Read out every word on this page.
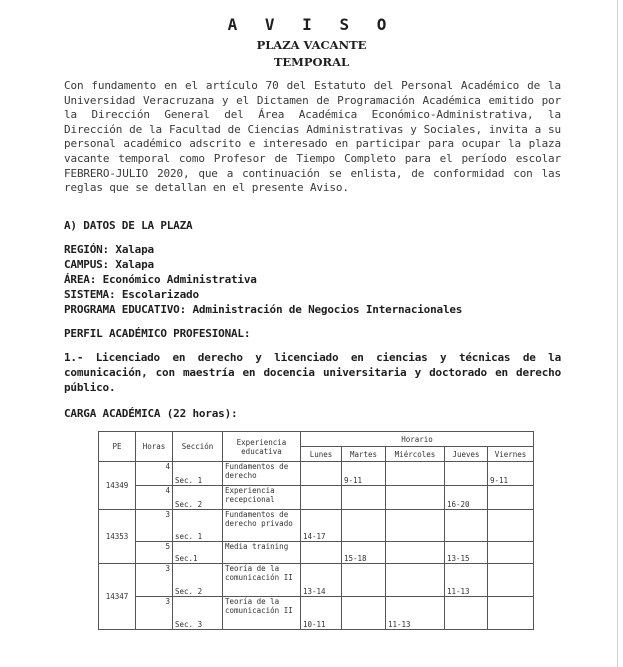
A V I S O
PLAZA VACANTE
TEMPORAL
Con fundamento en el artículo 70 del Estatuto del Personal Académico de la Universidad Veracruzana y el Dictamen de Programación Académica emitido por la Dirección General del Área Académica Económico-Administrativa, la Dirección de la Facultad de Ciencias Administrativas y Sociales, invita a su personal académico adscrito e interesado en participar para ocupar la plaza vacante temporal como Profesor de Tiempo Completo para el período escolar FEBRERO-JULIO 2020, que a continuación se enlista, de conformidad con las reglas que se detallan en el presente Aviso.
A) DATOS DE LA PLAZA
REGIÓN: Xalapa
CAMPUS: Xalapa
ÁREA: Económico Administrativa
SISTEMA: Escolarizado
PROGRAMA EDUCATIVO: Administración de Negocios Internacionales
PERFIL ACADÉMICO PROFESIONAL:
1.- Licenciado en derecho y licenciado en ciencias y técnicas de la comunicación, con maestría en docencia universitaria y doctorado en derecho público.
CARGA ACADÉMICA (22 horas):
PE	Horas	Sección	Experiencia educativa	Horario				
				Lunes	Martes	Miércoles	Jueves	Viernes
14349	4	Sec. 1	Fundamentos de derecho		9-11			9-11
	4	Sec. 2	Experiencia recepcional				16-20	
14353	3	sec. 1	Fundamentos de derecho privado	14-17				
	5	Sec.1	Media training		15-18		13-15	
14347	3	Sec. 2	Teoría de la comunicación II	13-14			11-13	
	3	Sec. 3	Teoría de la comunicación II	10-11		11-13		
